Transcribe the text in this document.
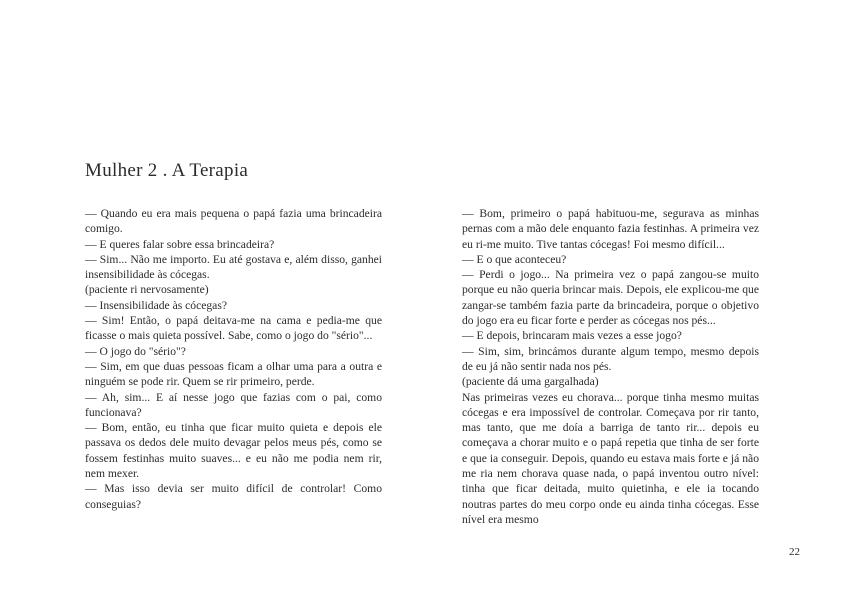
Mulher 2 . A Terapia

— Quando eu era mais pequena o papá fazia uma brincadeira comigo.

— E queres falar sobre essa brincadeira?

— Sim... Não me importo. Eu até gostava e, além disso, ganhei insensibilidade às cócegas.

(paciente ri nervosamente)

— Insensibilidade às cócegas?

— Sim! Então, o papá deitava-me na cama e pedia-me que ficasse o mais quieta possível. Sabe, como o jogo do "sério"...

— O jogo do "sério"?

— Sim, em que duas pessoas ficam a olhar uma para a outra e ninguém se pode rir. Quem se rir primeiro, perde.

— Ah, sim... E aí nesse jogo que fazias com o pai, como funcionava?

— Bom, então, eu tinha que ficar muito quieta e depois ele passava os dedos dele muito devagar pelos meus pés, como se fossem festinhas muito suaves... e eu não me podia nem rir, nem mexer.

— Mas isso devia ser muito difícil de controlar! Como conseguias?

— Bom, primeiro o papá habituou-me, segurava as minhas pernas com a mão dele enquanto fazia festinhas. A primeira vez eu ri-me muito. Tive tantas cócegas! Foi mesmo difícil...

— E o que aconteceu?

— Perdi o jogo... Na primeira vez o papá zangou-se muito porque eu não queria brincar mais. Depois, ele explicou-me que zangar-se também fazia parte da brincadeira, porque o objetivo do jogo era eu ficar forte e perder as cócegas nos pés...

— E depois, brincaram mais vezes a esse jogo?

— Sim, sim, brincámos durante algum tempo, mesmo depois de eu já não sentir nada nos pés.

(paciente dá uma gargalhada)

Nas primeiras vezes eu chorava... porque tinha mesmo muitas cócegas e era impossível de controlar. Começava por rir tanto, mas tanto, que me doía a barriga de tanto rir... depois eu começava a chorar muito e o papá repetia que tinha de ser forte e que ia conseguir. Depois, quando eu estava mais forte e já não me ria nem chorava quase nada, o papá inventou outro nível: tinha que ficar deitada, muito quietinha, e ele ia tocando noutras partes do meu corpo onde eu ainda tinha cócegas. Esse nível era mesmo

22
